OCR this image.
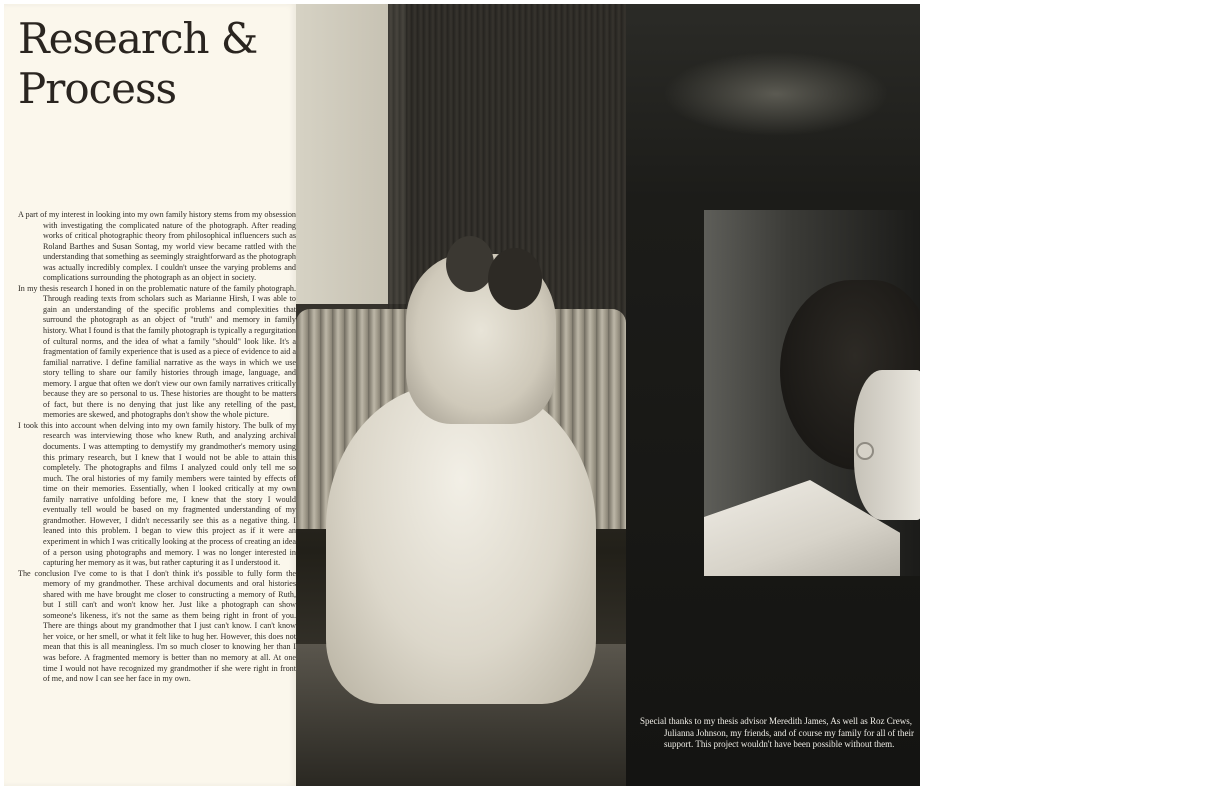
Research &
Process

A part of my interest in looking into my own family history stems from my obsession with investigating the complicated nature of the photograph. After reading works of critical photographic theory from philosophical influencers such as Roland Barthes and Susan Sontag, my world view became rattled with the understanding that something as seemingly straightforward as the photograph was actually incredibly complex. I couldn't unsee the varying problems and complications surrounding the photograph as an object in society.

In my thesis research I honed in on the problematic nature of the family photograph. Through reading texts from scholars such as Marianne Hirsh, I was able to gain an understanding of the specific problems and complexities that surround the photograph as an object of "truth" and memory in family history. What I found is that the family photograph is typically a regurgitation of cultural norms, and the idea of what a family "should" look like. It's a fragmentation of family experience that is used as a piece of evidence to aid a familial narrative. I define familial narrative as the ways in which we use story telling to share our family histories through image, language, and memory. I argue that often we don't view our own family narratives critically because they are so personal to us. These histories are thought to be matters of fact, but there is no denying that just like any retelling of the past, memories are skewed, and photographs don't show the whole picture.

I took this into account when delving into my own family history. The bulk of my research was interviewing those who knew Ruth, and analyzing archival documents. I was attempting to demystify my grandmother's memory using this primary research, but I knew that I would not be able to attain this completely. The photographs and films I analyzed could only tell me so much. The oral histories of my family members were tainted by effects of time on their memories. Essentially, when I looked critically at my own family narrative unfolding before me, I knew that the story I would eventually tell would be based on my fragmented understanding of my grandmother. However, I didn't necessarily see this as a negative thing. I leaned into this problem. I began to view this project as if it were an experiment in which I was critically looking at the process of creating an idea of a person using photographs and memory. I was no longer interested in capturing her memory as it was, but rather capturing it as I understood it.

The conclusion I've come to is that I don't think it's possible to fully form the memory of my grandmother. These archival documents and oral histories shared with me have brought me closer to constructing a memory of Ruth, but I still can't and won't know her. Just like a photograph can show someone's likeness, it's not the same as them being right in front of you. There are things about my grandmother that I just can't know. I can't know her voice, or her smell, or what it felt like to hug her. However, this does not mean that this is all meaningless. I'm so much closer to knowing her than I was before. A fragmented memory is better than no memory at all. At one time I would not have recognized my grandmother if she were right in front of me, and now I can see her face in my own.

Special thanks to my thesis advisor Meredith James, As well as Roz Crews, Julianna Johnson, my friends, and of course my family for all of their support. This project wouldn't have been possible without them.
